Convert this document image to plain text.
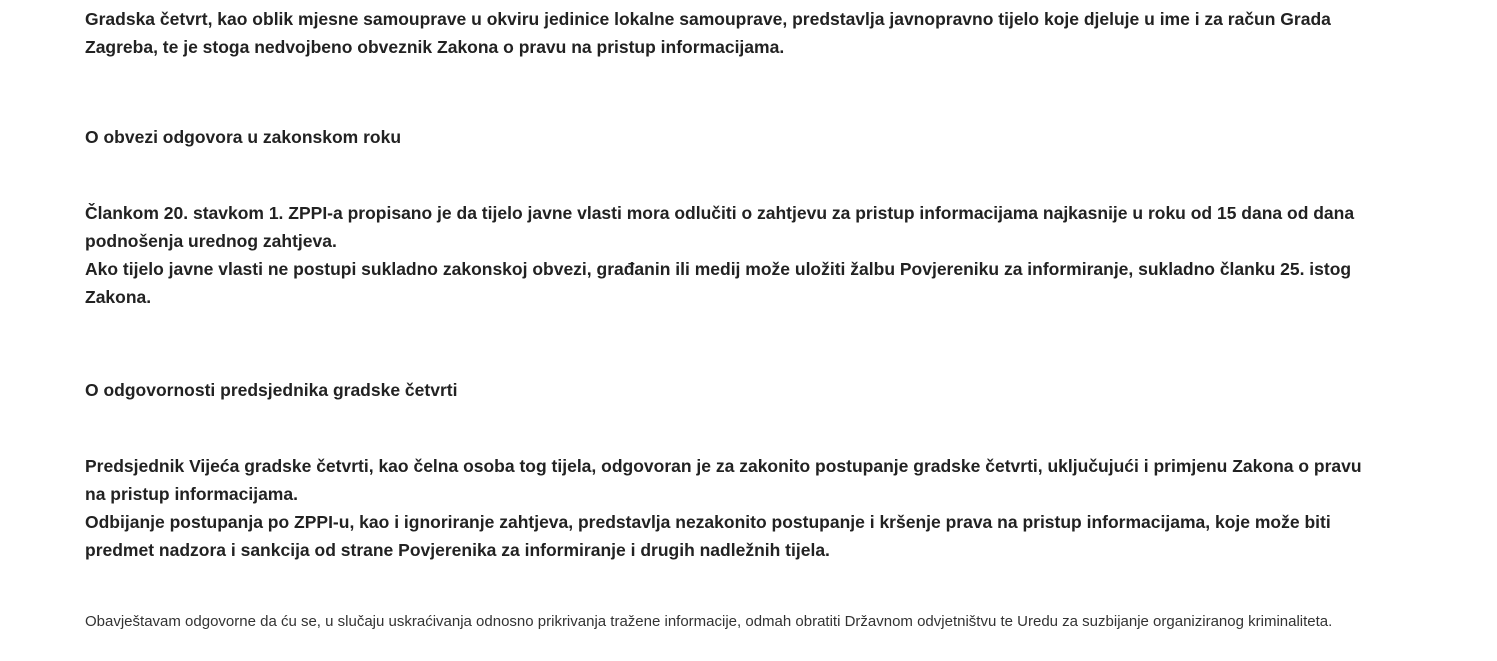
Gradska četvrt, kao oblik mjesne samouprave u okviru jedinice lokalne samouprave, predstavlja javnopravno tijelo koje djeluje u ime i za račun Grada
Zagreba, te je stoga nedvojbeno obveznik Zakona o pravu na pristup informacijama.

O obvezi odgovora u zakonskom roku

Člankom 20. stavkom 1. ZPPI-a propisano je da tijelo javne vlasti mora odlučiti o zahtjevu za pristup informacijama najkasnije u roku od 15 dana od dana
podnošenja urednog zahtjeva.
Ako tijelo javne vlasti ne postupi sukladno zakonskoj obvezi, građanin ili medij može uložiti žalbu Povjereniku za informiranje, sukladno članku 25. istog
Zakona.

O odgovornosti predsjednika gradske četvrti

Predsjednik Vijeća gradske četvrti, kao čelna osoba tog tijela, odgovoran je za zakonito postupanje gradske četvrti, uključujući i primjenu Zakona o pravu
na pristup informacijama.
Odbijanje postupanja po ZPPI-u, kao i ignoriranje zahtjeva, predstavlja nezakonito postupanje i kršenje prava na pristup informacijama, koje može biti
predmet nadzora i sankcija od strane Povjerenika za informiranje i drugih nadležnih tijela.

Obavještavam odgovorne da ću se, u slučaju uskraćivanja odnosno prikrivanja tražene informacije, odmah obratiti Državnom odvjetništvu te Uredu za suzbijanje organiziranog kriminaliteta.
